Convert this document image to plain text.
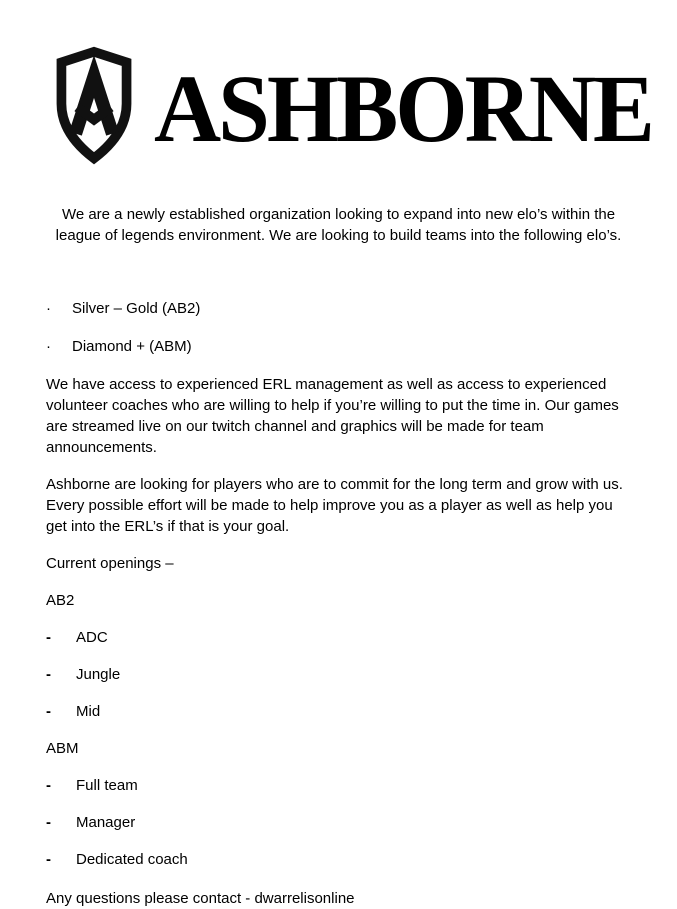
ASHBORNE

We are a newly established organization looking to expand into new elo’s within the league of legends environment. We are looking to build teams into the following elo’s.

·	Silver – Gold (AB2)
·	Diamond + (ABM)

We have access to experienced ERL management as well as access to experienced volunteer coaches who are willing to help if you’re willing to put the time in. Our games are streamed live on our twitch channel and graphics will be made for team announcements.

Ashborne are looking for players who are to commit for the long term and grow with us. Every possible effort will be made to help improve you as a player as well as help you get into the ERL’s if that is your goal.

Current openings –

AB2

-	ADC
-	Jungle
-	Mid

ABM

-	Full team
-	Manager
-	Dedicated coach

Any questions please contact - dwarrelisonline
